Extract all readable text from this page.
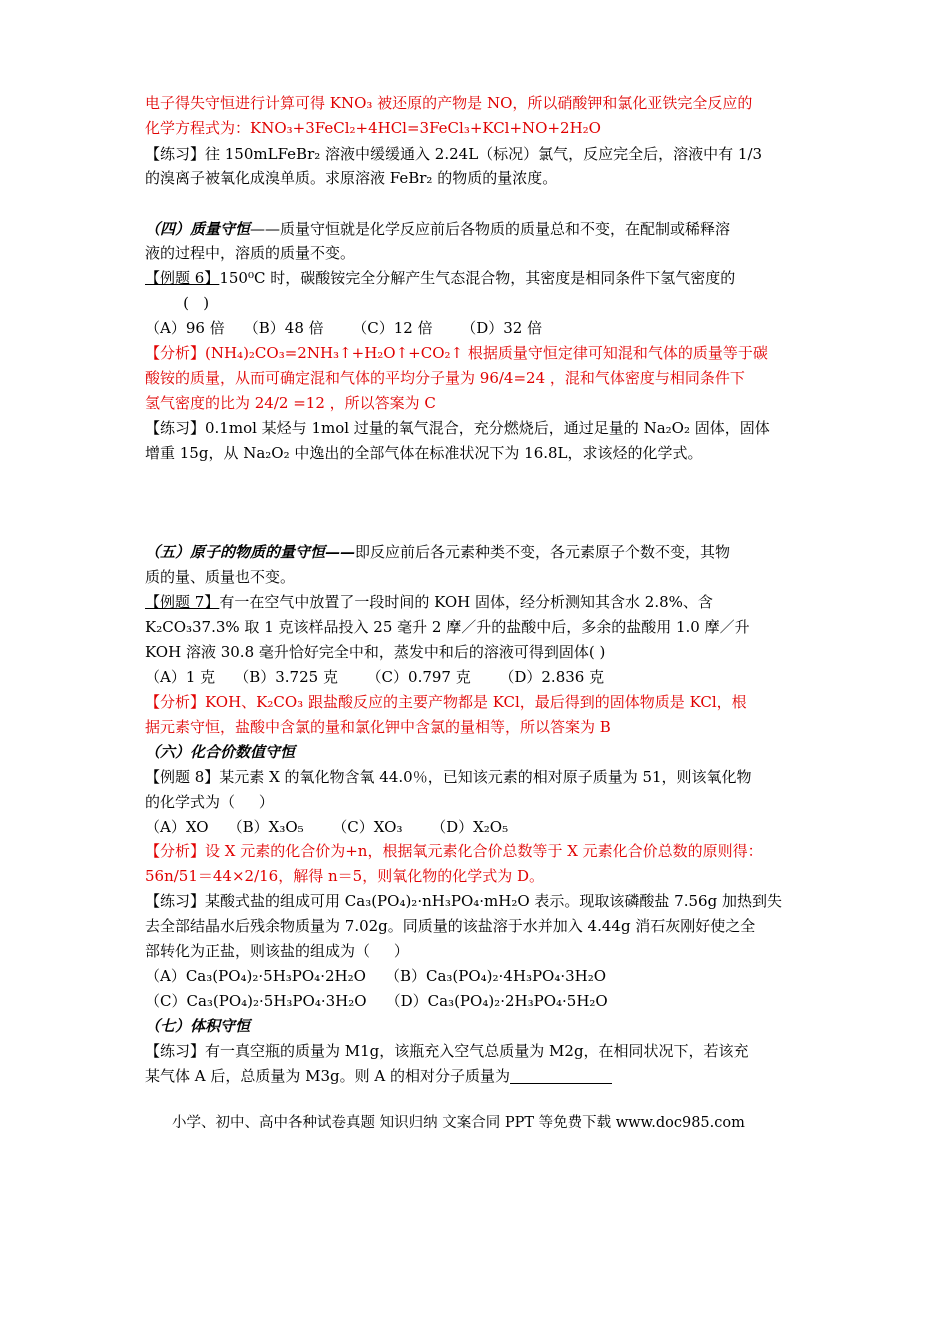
电子得失守恒进行计算可得 KNO₃ 被还原的产物是 NO，所以硝酸钾和氯化亚铁完全反应的
化学方程式为：KNO₃+3FeCl₂+4HCl=3FeCl₃+KCl+NO+2H₂O
【练习】往 150mLFeBr₂ 溶液中缓缓通入 2.24L（标况）氯气，反应完全后，溶液中有 1/3
的溴离子被氧化成溴单质。求原溶液 FeBr₂ 的物质的量浓度。
（四）质量守恒——质量守恒就是化学反应前后各物质的质量总和不变，在配制或稀释溶
液的过程中，溶质的质量不变。
【例题 6】150⁰C 时，碳酸铵完全分解产生气态混合物，其密度是相同条件下氢气密度的
(   )
（A）96 倍    （B）48 倍      （C）12 倍      （D）32 倍
【分析】(NH₄)₂CO₃=2NH₃↑+H₂O↑+CO₂↑ 根据质量守恒定律可知混和气体的质量等于碳
酸铵的质量，从而可确定混和气体的平均分子量为 96/4=24 ，混和气体密度与相同条件下
氢气密度的比为 24/2 =12 ，所以答案为 C
【练习】0.1mol 某烃与 1mol 过量的氧气混合，充分燃烧后，通过足量的 Na₂O₂ 固体，固体
增重 15g，从 Na₂O₂ 中逸出的全部气体在标准状况下为 16.8L，求该烃的化学式。
（五）原子的物质的量守恒——即反应前后各元素种类不变，各元素原子个数不变，其物
质的量、质量也不变。
【例题 7】有一在空气中放置了一段时间的 KOH 固体，经分析测知其含水 2.8%、含
K₂CO₃37.3% 取 1 克该样品投入 25 毫升 2 摩／升的盐酸中后，多余的盐酸用 1.0 摩／升
KOH 溶液 30.8 毫升恰好完全中和，蒸发中和后的溶液可得到固体( )
（A）1 克    （B）3.725 克      （C）0.797 克      （D）2.836 克
【分析】KOH、K₂CO₃ 跟盐酸反应的主要产物都是 KCl，最后得到的固体物质是 KCl，根
据元素守恒，盐酸中含氯的量和氯化钾中含氯的量相等，所以答案为 B
（六）化合价数值守恒
【例题 8】某元素 X 的氧化物含氧 44.0％，已知该元素的相对原子质量为 51，则该氧化物
的化学式为（     ）
（A）XO    （B）X₃O₅      （C）XO₃      （D）X₂O₅
【分析】设 X 元素的化合价为+n，根据氧元素化合价总数等于 X 元素化合价总数的原则得：
56n/51＝44×2/16，解得 n＝5，则氧化物的化学式为 D。
【练习】某酸式盐的组成可用 Ca₃(PO₄)₂·nH₃PO₄·mH₂O 表示。现取该磷酸盐 7.56g 加热到失
去全部结晶水后残余物质量为 7.02g。同质量的该盐溶于水并加入 4.44g 消石灰刚好使之全
部转化为正盐，则该盐的组成为（     ）
（A）Ca₃(PO₄)₂·5H₃PO₄·2H₂O    （B）Ca₃(PO₄)₂·4H₃PO₄·3H₂O
（C）Ca₃(PO₄)₂·5H₃PO₄·3H₂O    （D）Ca₃(PO₄)₂·2H₃PO₄·5H₂O
（七）体积守恒
【练习】有一真空瓶的质量为 M1g，该瓶充入空气总质量为 M2g，在相同状况下，若该充
某气体 A 后，总质量为 M3g。则 A 的相对分子质量为
小学、初中、高中各种试卷真题 知识归纳 文案合同 PPT 等免费下载 www.doc985.com
